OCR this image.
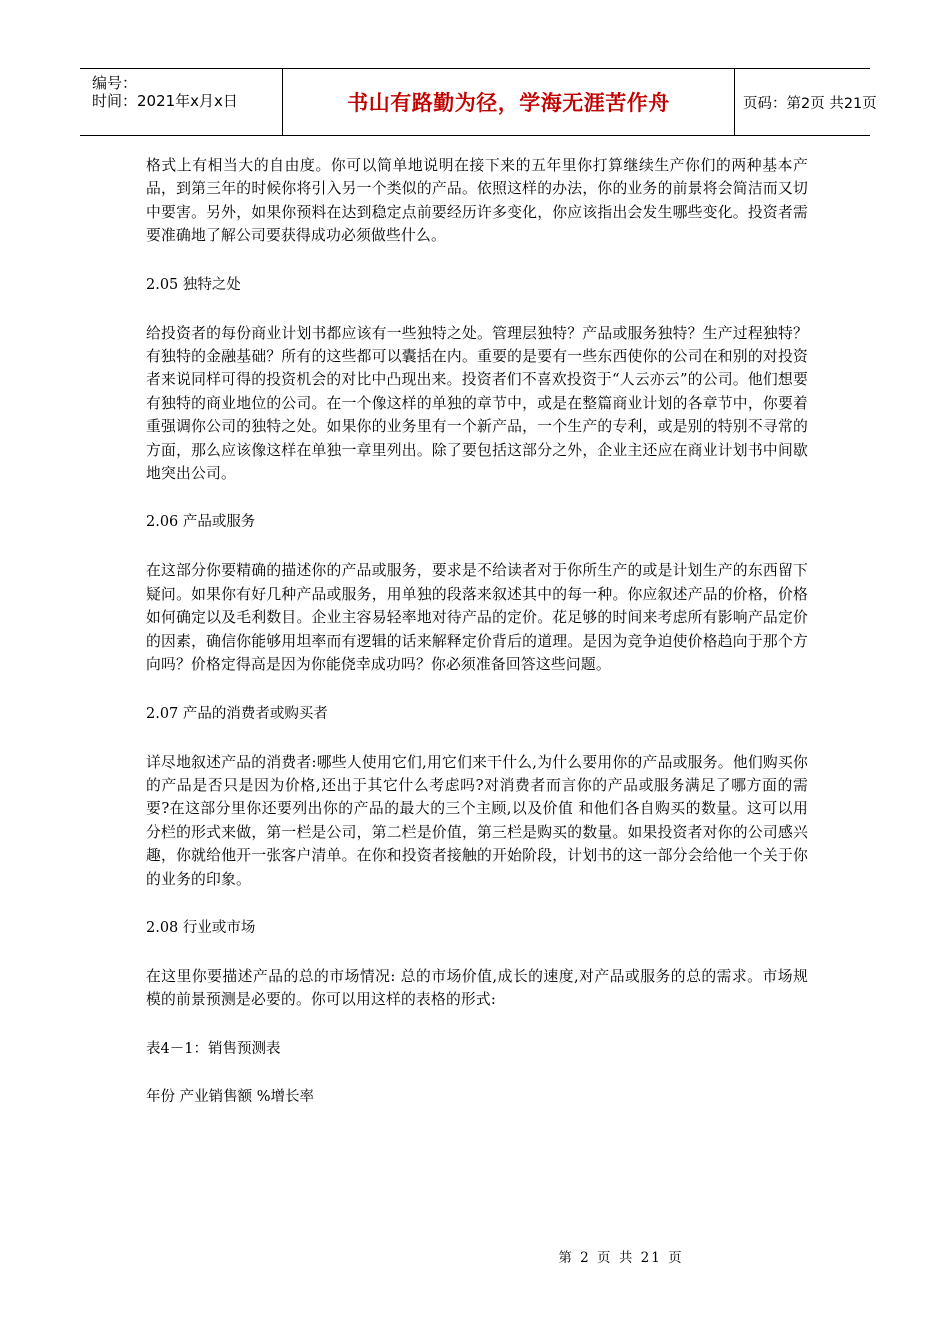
编号：
时间：2021年x月x日	书山有路勤为径，学海无涯苦作舟	页码：第2页 共21页

格式上有相当大的自由度。你可以简单地说明在接下来的五年里你打算继续生产你们的两种基本产品，到第三年的时候你将引入另一个类似的产品。依照这样的办法，你的业务的前景将会简洁而又切中要害。另外，如果你预料在达到稳定点前要经历许多变化，你应该指出会发生哪些变化。投资者需要准确地了解公司要获得成功必须做些什么。

2.05 独特之处

给投资者的每份商业计划书都应该有一些独特之处。管理层独特？产品或服务独特？生产过程独特？有独特的金融基础？所有的这些都可以囊括在内。重要的是要有一些东西使你的公司在和别的对投资者来说同样可得的投资机会的对比中凸现出来。投资者们不喜欢投资于“人云亦云”的公司。他们想要有独特的商业地位的公司。在一个像这样的单独的章节中，或是在整篇商业计划的各章节中，你要着重强调你公司的独特之处。如果你的业务里有一个新产品，一个生产的专利，或是别的特别不寻常的方面，那么应该像这样在单独一章里列出。除了要包括这部分之外，企业主还应在商业计划书中间歇地突出公司。

2.06 产品或服务

在这部分你要精确的描述你的产品或服务，要求是不给读者对于你所生产的或是计划生产的东西留下疑问。如果你有好几种产品或服务，用单独的段落来叙述其中的每一种。你应叙述产品的价格，价格如何确定以及毛利数目。企业主容易轻率地对待产品的定价。花足够的时间来考虑所有影响产品定价的因素，确信你能够用坦率而有逻辑的话来解释定价背后的道理。是因为竞争迫使价格趋向于那个方向吗？价格定得高是因为你能侥幸成功吗？你必须准备回答这些问题。

2.07 产品的消费者或购买者

详尽地叙述产品的消费者:哪些人使用它们,用它们来干什么,为什么要用你的产品或服务。他们购买你的产品是否只是因为价格,还出于其它什么考虑吗?对消费者而言你的产品或服务满足了哪方面的需要?在这部分里你还要列出你的产品的最大的三个主顾,以及价值 和他们各自购买的数量。这可以用分栏的形式来做，第一栏是公司，第二栏是价值，第三栏是购买的数量。如果投资者对你的公司感兴趣，你就给他开一张客户清单。在你和投资者接触的开始阶段，计划书的这一部分会给他一个关于你的业务的印象。

2.08 行业或市场

在这里你要描述产品的总的市场情况: 总的市场价值,成长的速度,对产品或服务的总的需求。市场规模的前景预测是必要的。你可以用这样的表格的形式:

表4－1：销售预测表

年份 产业销售额 %增长率

第 2 页 共 21 页
